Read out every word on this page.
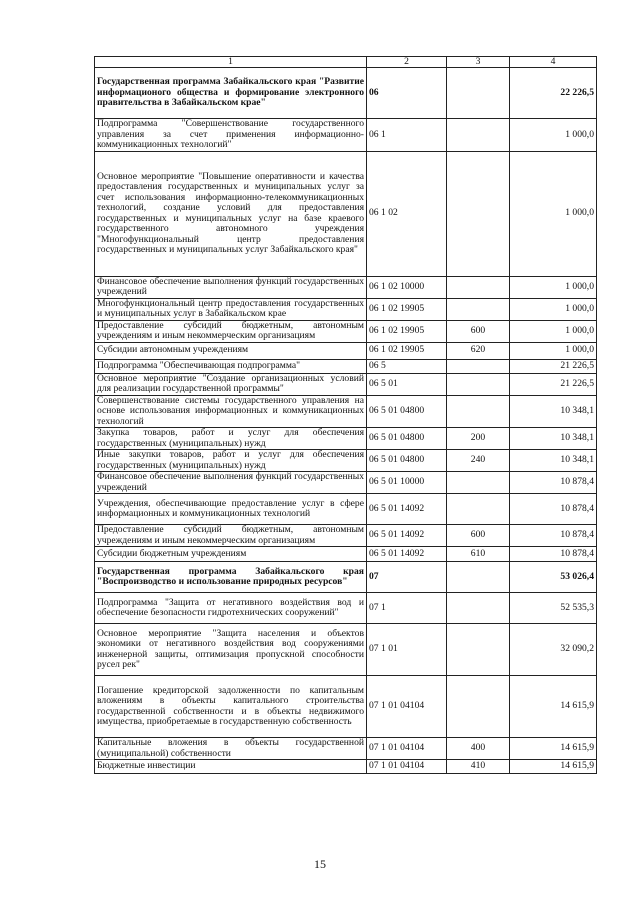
1	2	3	4
Государственная программа Забайкальского края "Развитие информационого общества и формирование электронного правительства в Забайкальском крае"	06		22 226,5
Подпрограмма "Совершенствование государственного управления за счет применения информационно-коммуникационных технологий"	06 1		1 000,0
Основное мероприятие "Повышение оперативности и качества предоставления государственных и муниципальных услуг за счет использования информационно-телекоммуникационных технологий, создание условий для предоставления государственных и муниципальных услуг на базе краевого государственного автономного учреждения "Многофункциональный центр предоставления государственных и муниципальных услуг Забайкальского края"	06 1 02		1 000,0
Финансовое обеспечение выполнения функций государственных учреждений	06 1 02 10000		1 000,0
Многофункциональный центр предоставления государственных и муниципальных услуг в Забайкальском крае	06 1 02 19905		1 000,0
Предоставление субсидий бюджетным, автономным учреждениям и иным некоммерческим организациям	06 1 02 19905	600	1 000,0
Субсидии автономным учреждениям	06 1 02 19905	620	1 000,0
Подпрограмма "Обеспечивающая подпрограмма"	06 5		21 226,5
Основное мероприятие "Создание организационных условий для реализации государственной программы"	06 5 01		21 226,5
Совершенствование системы государственного управления на основе использования информационных и коммуникационных технологий	06 5 01 04800		10 348,1
Закупка товаров, работ и услуг для обеспечения государственных (муниципальных) нужд	06 5 01 04800	200	10 348,1
Иные закупки товаров, работ и услуг для обеспечения государственных (муниципальных) нужд	06 5 01 04800	240	10 348,1
Финансовое обеспечение выполнения функций государственных учреждений	06 5 01 10000		10 878,4
Учреждения, обеспечивающие предоставление услуг в сфере информационных и коммуникационных технологий	06 5 01 14092		10 878,4
Предоставление субсидий бюджетным, автономным учреждениям и иным некоммерческим организациям	06 5 01 14092	600	10 878,4
Субсидии бюджетным учреждениям	06 5 01 14092	610	10 878,4
Государственная программа Забайкальского края "Воспроизводство и использование природных ресурсов"	07		53 026,4
Подпрограмма "Защита от негативного воздействия вод и обеспечение безопасности гидротехнических сооружений"	07 1		52 535,3
Основное мероприятие "Защита населения и объектов экономики от негативного воздействия вод сооружениями инженерной защиты, оптимизация пропускной способности русел рек"	07 1 01		32 090,2
Погашение кредиторской задолженности по капитальным вложениям в объекты капитального строительства государственной собственности и в объекты недвижимого имущества, приобретаемые в государственную собственность	07 1 01 04104		14 615,9
Капитальные вложения в объекты государственной (муниципальной) собственности	07 1 01 04104	400	14 615,9
Бюджетные инвестиции	07 1 01 04104	410	14 615,9
15
